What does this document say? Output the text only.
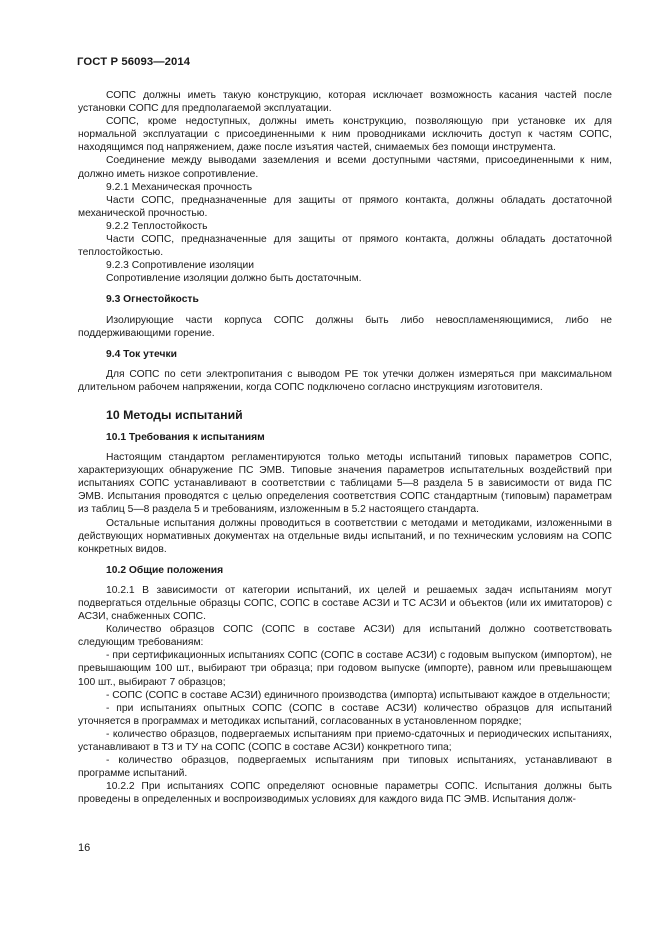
ГОСТ Р 56093—2014

СОПС должны иметь такую конструкцию, которая исключает возможность касания частей после установки СОПС для предполагаемой эксплуатации.

СОПС, кроме недоступных, должны иметь конструкцию, позволяющую при установке их для нормальной эксплуатации с присоединенными к ним проводниками исключить доступ к частям СОПС, находящимся под напряжением, даже после изъятия частей, снимаемых без помощи инструмента.

Соединение между выводами заземления и всеми доступными частями, присоединенными к ним, должно иметь низкое сопротивление.

9.2.1 Механическая прочность

Части СОПС, предназначенные для защиты от прямого контакта, должны обладать достаточной механической прочностью.

9.2.2 Теплостойкость

Части СОПС, предназначенные для защиты от прямого контакта, должны обладать достаточной теплостойкостью.

9.2.3 Сопротивление изоляции

Сопротивление изоляции должно быть достаточным.

9.3 Огнестойкость

Изолирующие части корпуса СОПС должны быть либо невоспламеняющимися, либо не поддерживающими горение.

9.4 Ток утечки

Для СОПС по сети электропитания с выводом PE ток утечки должен измеряться при максимальном длительном рабочем напряжении, когда СОПС подключено согласно инструкциям изготовителя.

10 Методы испытаний
10.1 Требования к испытаниям

Настоящим стандартом регламентируются только методы испытаний типовых параметров СОПС, характеризующих обнаружение ПС ЭМВ. Типовые значения параметров испытательных воздействий при испытаниях СОПС устанавливают в соответствии с таблицами 5—8 раздела 5 в зависимости от вида ПС ЭМВ. Испытания проводятся с целью определения соответствия СОПС стандартным (типовым) параметрам из таблиц 5—8 раздела 5 и требованиям, изложенным в 5.2 настоящего стандарта.

Остальные испытания должны проводиться в соответствии с методами и методиками, изложенными в действующих нормативных документах на отдельные виды испытаний, и по техническим условиям на СОПС конкретных видов.

10.2 Общие положения

10.2.1 В зависимости от категории испытаний, их целей и решаемых задач испытаниям могут подвергаться отдельные образцы СОПС, СОПС в составе АСЗИ и ТС АСЗИ и объектов (или их имитаторов) с АСЗИ, снабженных СОПС.

Количество образцов СОПС (СОПС в составе АСЗИ) для испытаний должно соответствовать следующим требованиям:

- при сертификационных испытаниях СОПС (СОПС в составе АСЗИ) с годовым выпуском (импортом), не превышающим 100 шт., выбирают три образца; при годовом выпуске (импорте), равном или превышающем 100 шт., выбирают 7 образцов;

- СОПС (СОПС в составе АСЗИ) единичного производства (импорта) испытывают каждое в отдельности;

- при испытаниях опытных СОПС (СОПС в составе АСЗИ) количество образцов для испытаний уточняется в программах и методиках испытаний, согласованных в установленном порядке;

- количество образцов, подвергаемых испытаниям при приемо-сдаточных и периодических испытаниях, устанавливают в ТЗ и ТУ на СОПС (СОПС в составе АСЗИ) конкретного типа;

- количество образцов, подвергаемых испытаниям при типовых испытаниях, устанавливают в программе испытаний.

10.2.2 При испытаниях СОПС определяют основные параметры СОПС. Испытания должны быть проведены в определенных и воспроизводимых условиях для каждого вида ПС ЭМВ. Испытания долж-

16
